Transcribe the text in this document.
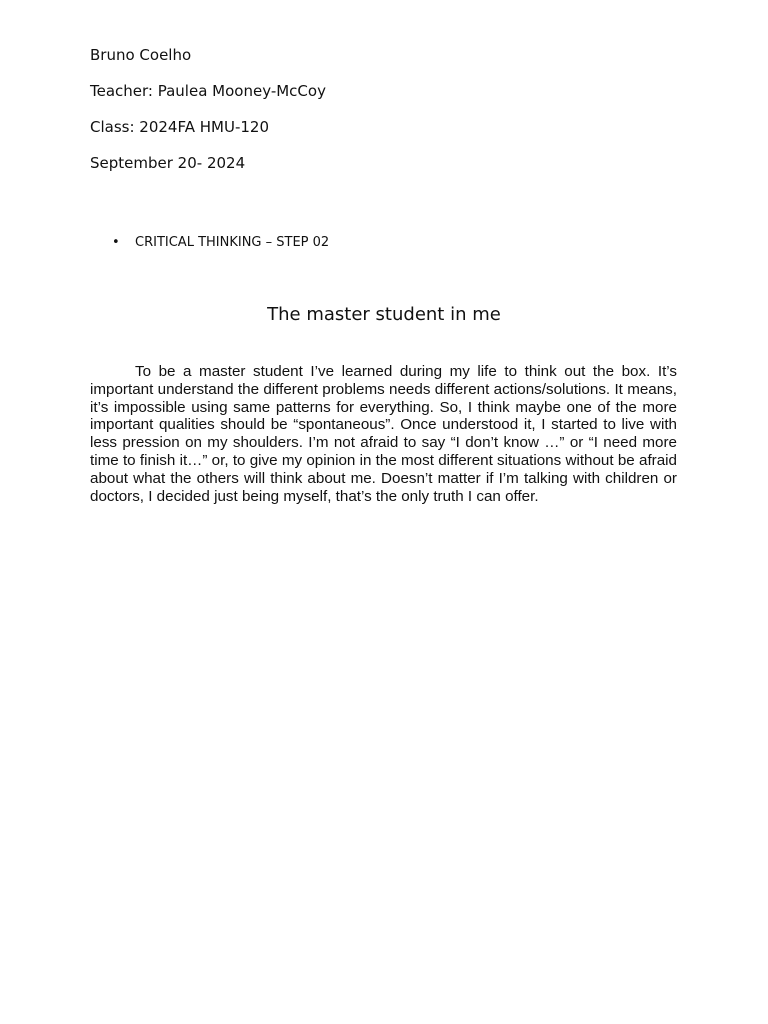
Bruno Coelho

Teacher: Paulea Mooney-McCoy

Class: 2024FA HMU-120

September 20- 2024

• CRITICAL THINKING – STEP 02
The master student in me

To be a master student I’ve learned during my life to think out the box. It’s important understand the different problems needs different actions/solutions. It means, it’s impossible using same patterns for everything. So, I think maybe one of the more important qualities should be “spontaneous”. Once understood it, I started to live with less pression on my shoulders. I’m not afraid to say “I don’t know …” or “I need more time to finish it…” or, to give my opinion in the most different situations without be afraid about what the others will think about me. Doesn’t matter if I’m talking with children or doctors, I decided just being myself, that’s the only truth I can offer.
